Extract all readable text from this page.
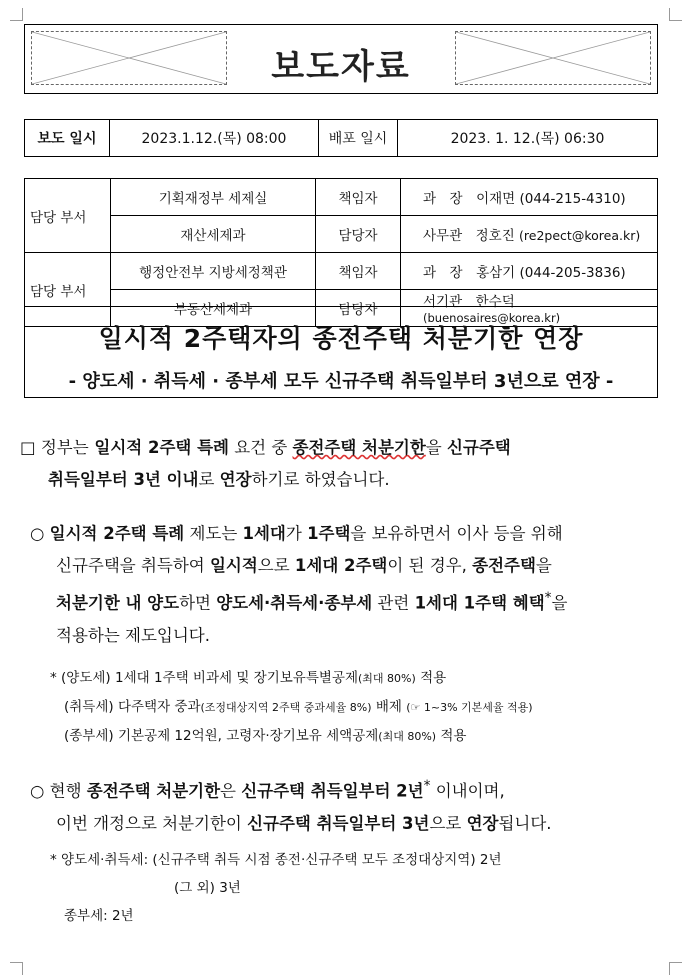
보도자료
보도 일시	2023.1.12.(목) 08:00	배포 일시	2023. 1. 12.(목) 06:30
담당 부서	기획재정부 세제실	책임자	과　장　 이재면 (044-215-4310)
	재산세제과	담당자	사무관　 정호진 (re2pect@korea.kr)
담당 부서	행정안전부 지방세정책관	책임자	과　장　 홍삼기 (044-205-3836)
	부동산세제과	담당자	서기관　 한수덕 (buenosaires@korea.kr)
일시적 2주택자의 종전주택 처분기한 연장
- 양도세 · 취득세 · 종부세 모두 신규주택 취득일부터 3년으로 연장 -

□ 정부는 일시적 2주택 특례 요건 중 종전주택 처분기한을 신규주택

취득일부터 3년 이내로 연장하기로 하였습니다.

○ 일시적 2주택 특례 제도는 1세대가 1주택을 보유하면서 이사 등을 위해

신규주택을 취득하여 일시적으로 1세대 2주택이 된 경우, 종전주택을

처분기한 내 양도하면 양도세·취득세·종부세 관련 1세대 1주택 혜택*을

적용하는 제도입니다.

* (양도세) 1세대 1주택 비과세 및 장기보유특별공제(최대 80%) 적용
(취득세) 다주택자 중과(조정대상지역 2주택 중과세율 8%) 배제 (☞ 1~3% 기본세율 적용)
(종부세) 기본공제 12억원, 고령자·장기보유 세액공제(최대 80%) 적용

○ 현행 종전주택 처분기한은 신규주택 취득일부터 2년* 이내이며,

이번 개정으로 처분기한이 신규주택 취득일부터 3년으로 연장됩니다.

* 양도세·취득세: (신규주택 취득 시점 종전·신규주택 모두 조정대상지역) 2년
(그 외) 3년
종부세: 2년
